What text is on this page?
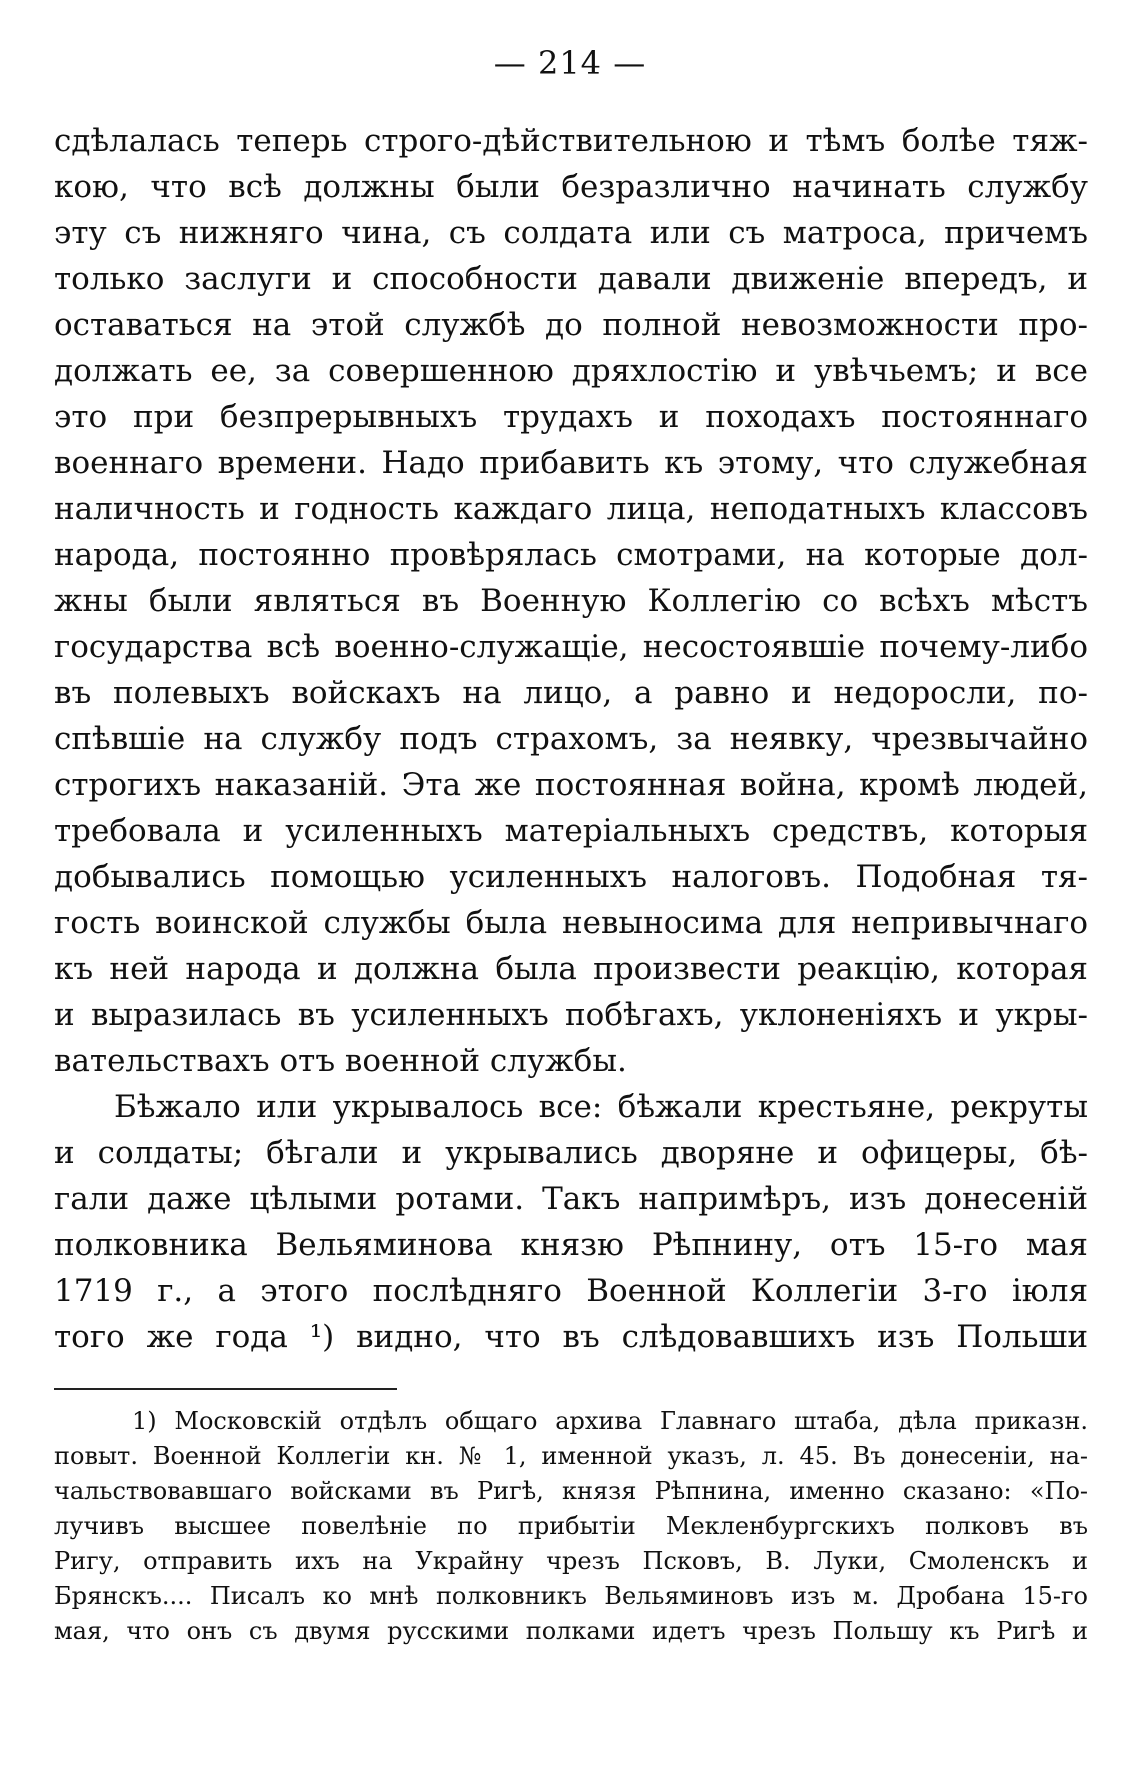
— 214 —
сдѣлалась теперь строго-дѣйствительною и тѣмъ болѣе тяж-
кою, что всѣ должны были безразлично начинать службу
эту съ нижняго чина, съ солдата или съ матроса, причемъ
только заслуги и способности давали движеніе впередъ, и
оставаться на этой службѣ до полной невозможности про-
должать ее, за совершенною дряхлостію и увѣчьемъ; и все
это при безпрерывныхъ трудахъ и походахъ постояннаго
военнаго времени. Надо прибавить къ этому, что служебная
наличность и годность каждаго лица, неподатныхъ классовъ
народа, постоянно провѣрялась смотрами, на которые дол-
жны были являться въ Военную Коллегію со всѣхъ мѣстъ
государства всѣ военно-служащіе, несостоявшіе почему-либо
въ полевыхъ войскахъ на лицо, а равно и недоросли, по-
спѣвшіе на службу подъ страхомъ, за неявку, чрезвычайно
строгихъ наказаній. Эта же постоянная война, кромѣ людей,
требовала и усиленныхъ матеріальныхъ средствъ, которыя
добывались помощью усиленныхъ налоговъ. Подобная тя-
гость воинской службы была невыносима для непривычнаго
къ ней народа и должна была произвести реакцію, которая
и выразилась въ усиленныхъ побѣгахъ, уклоненіяхъ и укры-
вательствахъ отъ военной службы.
Бѣжало или укрывалось все: бѣжали крестьяне, рекруты
и солдаты; бѣгали и укрывались дворяне и офицеры, бѣ-
гали даже цѣлыми ротами. Такъ напримѣръ, изъ донесеній
полковника Вельяминова князю Рѣпнину, отъ 15-го мая
1719 г., а этого послѣдняго Военной Коллегіи 3-го іюля
того же года ¹) видно, что въ слѣдовавшихъ изъ Польши
1) Московскій отдѣлъ общаго архива Главнаго штаба, дѣла приказн.
повыт. Военной Коллегіи кн. № 1, именной указъ, л. 45. Въ донесеніи, на-
чальствовавшаго войсками въ Ригѣ, князя Рѣпнина, именно сказано: «По-
лучивъ высшее повелѣніе по прибытіи Мекленбургскихъ полковъ въ
Ригу, отправить ихъ на Украйну чрезъ Псковъ, В. Луки, Смоленскъ и
Брянскъ.... Писалъ ко мнѣ полковникъ Вельяминовъ изъ м. Дробана 15-го
мая, что онъ съ двумя русскими полками идетъ чрезъ Польшу къ Ригѣ и
